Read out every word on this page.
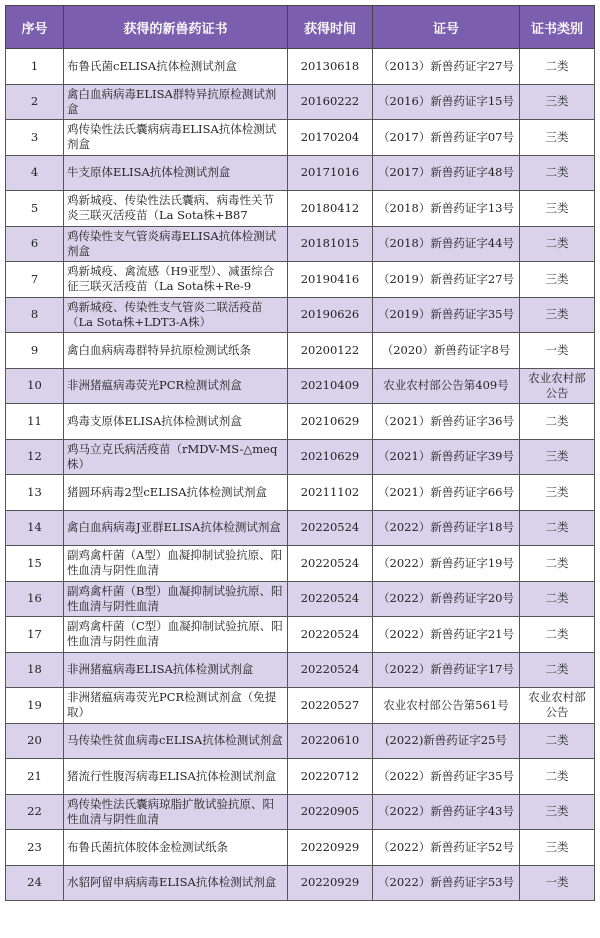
序号	获得的新兽药证书	获得时间	证号	证书类别
1	布鲁氏菌cELISA抗体检测试剂盒	20130618	（2013）新兽药证字27号	二类
2	禽白血病病毒ELISA群特异抗原检测试剂盒	20160222	（2016）新兽药证字15号	三类
3	鸡传染性法氏囊病病毒ELISA抗体检测试剂盒	20170204	（2017）新兽药证字07号	三类
4	牛支原体ELISA抗体检测试剂盒	20171016	（2017）新兽药证字48号	二类
5	鸡新城疫、传染性法氏囊病、病毒性关节炎三联灭活疫苗（La Sota株+B87	20180412	（2018）新兽药证字13号	三类
6	鸡传染性支气管炎病毒ELISA抗体检测试剂盒	20181015	（2018）新兽药证字44号	二类
7	鸡新城疫、禽流感（H9亚型）、减蛋综合征三联灭活疫苗（La Sota株+Re-9	20190416	（2019）新兽药证字27号	三类
8	鸡新城疫、传染性支气管炎二联活疫苗（La Sota株+LDT3-A株）	20190626	（2019）新兽药证字35号	三类
9	禽白血病病毒群特异抗原检测试纸条	20200122	（2020）新兽药证字8号	一类
10	非洲猪瘟病毒荧光PCR检测试剂盒	20210409	农业农村部公告第409号	农业农村部公告
11	鸡毒支原体ELISA抗体检测试剂盒	20210629	（2021）新兽药证字36号	二类
12	鸡马立克氏病活疫苗（rMDV-MS-△meq株）	20210629	（2021）新兽药证字39号	三类
13	猪圆环病毒2型cELISA抗体检测试剂盒	20211102	（2021）新兽药证字66号	三类
14	禽白血病病毒J亚群ELISA抗体检测试剂盒	20220524	（2022）新兽药证字18号	二类
15	副鸡禽杆菌（A型）血凝抑制试验抗原、阳性血清与阴性血清	20220524	（2022）新兽药证字19号	二类
16	副鸡禽杆菌（B型）血凝抑制试验抗原、阳性血清与阴性血清	20220524	（2022）新兽药证字20号	二类
17	副鸡禽杆菌（C型）血凝抑制试验抗原、阳性血清与阴性血清	20220524	（2022）新兽药证字21号	二类
18	非洲猪瘟病毒ELISA抗体检测试剂盒	20220524	（2022）新兽药证字17号	二类
19	非洲猪瘟病毒荧光PCR检测试剂盒（免提取）	20220527	农业农村部公告第561号	农业农村部公告
20	马传染性贫血病毒cELISA抗体检测试剂盒	20220610	(2022)新兽药证字25号	二类
21	猪流行性腹泻病毒ELISA抗体检测试剂盒	20220712	（2022）新兽药证字35号	二类
22	鸡传染性法氏囊病琼脂扩散试验抗原、阳性血清与阴性血清	20220905	（2022）新兽药证字43号	三类
23	布鲁氏菌抗体胶体金检测试纸条	20220929	（2022）新兽药证字52号	三类
24	水貂阿留申病病毒ELISA抗体检测试剂盒	20220929	（2022）新兽药证字53号	一类
